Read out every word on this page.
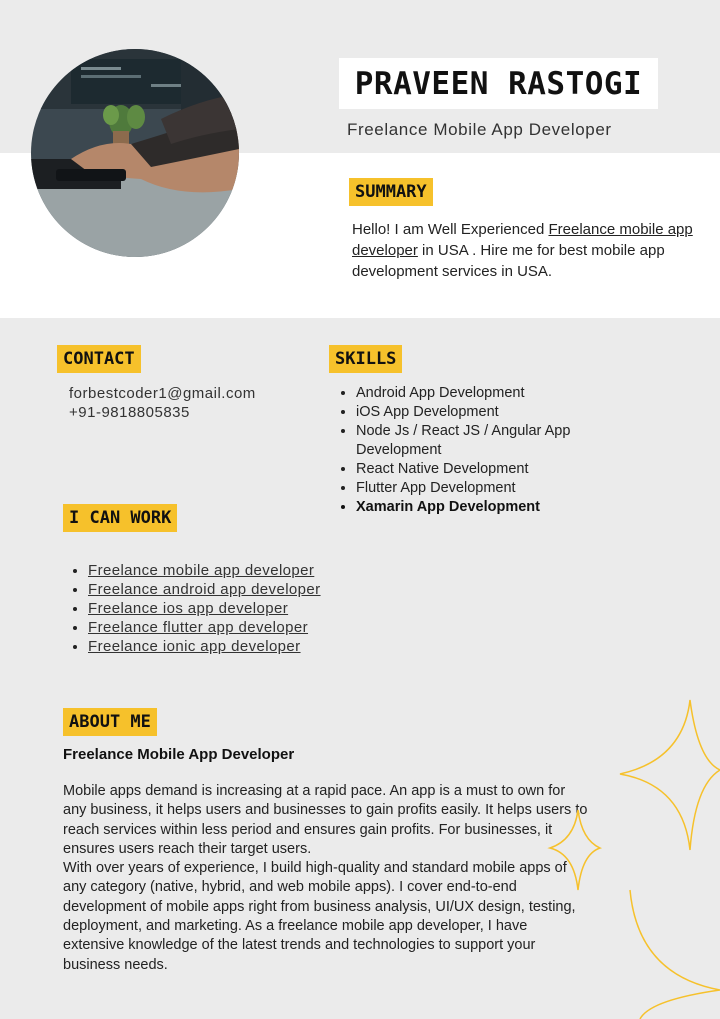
PRAVEEN RASTOGI
Freelance Mobile App Developer
SUMMARY
Hello! I am Well Experienced Freelance mobile app developer in USA . Hire me for best mobile app development services in USA.
CONTACT
forbestcoder1@gmail.com
+91-9818805835
SKILLS
• Android App Development
• iOS App Development
• Node Js / React JS / Angular App Development
• React Native Development
• Flutter App Development
• Xamarin App Development
I CAN WORK
• Freelance mobile app developer
• Freelance android app developer
• Freelance ios app developer
• Freelance flutter app developer
• Freelance ionic app developer
ABOUT ME
Freelance Mobile App Developer
Mobile apps demand is increasing at a rapid pace. An app is a must to own for any business, it helps users and businesses to gain profits easily. It helps users to reach services within less period and ensures gain profits. For businesses, it ensures users reach their target users.
With over years of experience, I build high-quality and standard mobile apps of any category (native, hybrid, and web mobile apps). I cover end-to-end development of mobile apps right from business analysis, UI/UX design, testing, deployment, and marketing. As a freelance mobile app developer, I have extensive knowledge of the latest trends and technologies to support your business needs.
